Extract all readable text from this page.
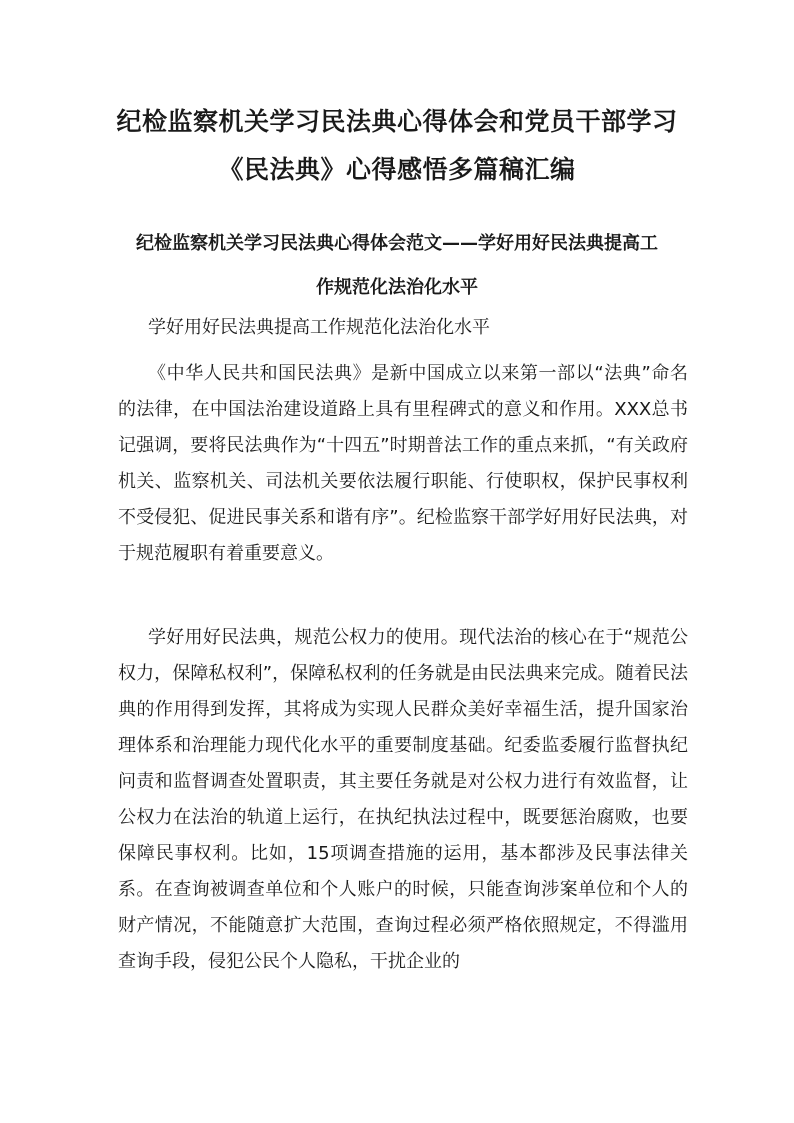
纪检监察机关学习民法典心得体会和党员干部学习
《民法典》心得感悟多篇稿汇编
纪检监察机关学习民法典心得体会范文——学好用好民法典提高工
作规范化法治化水平
学好用好民法典提高工作规范化法治化水平
《中华人民共和国民法典》是新中国成立以来第一部以“法典”命名的法律，在中国法治建设道路上具有里程碑式的意义和作用。XXX总书记强调，要将民法典作为“十四五”时期普法工作的重点来抓，“有关政府机关、监察机关、司法机关要依法履行职能、行使职权，保护民事权利不受侵犯、促进民事关系和谐有序”。纪检监察干部学好用好民法典，对于规范履职有着重要意义。
学好用好民法典，规范公权力的使用。现代法治的核心在于“规范公权力，保障私权利”，保障私权利的任务就是由民法典来完成。随着民法典的作用得到发挥，其将成为实现人民群众美好幸福生活，提升国家治理体系和治理能力现代化水平的重要制度基础。纪委监委履行监督执纪问责和监督调查处置职责，其主要任务就是对公权力进行有效监督，让公权力在法治的轨道上运行，在执纪执法过程中，既要惩治腐败，也要保障民事权利。比如，15项调查措施的运用，基本都涉及民事法律关系。在查询被调查单位和个人账户的时候，只能查询涉案单位和个人的财产情况，不能随意扩大范围，查询过程必须严格依照规定，不得滥用查询手段，侵犯公民个人隐私，干扰企业的
